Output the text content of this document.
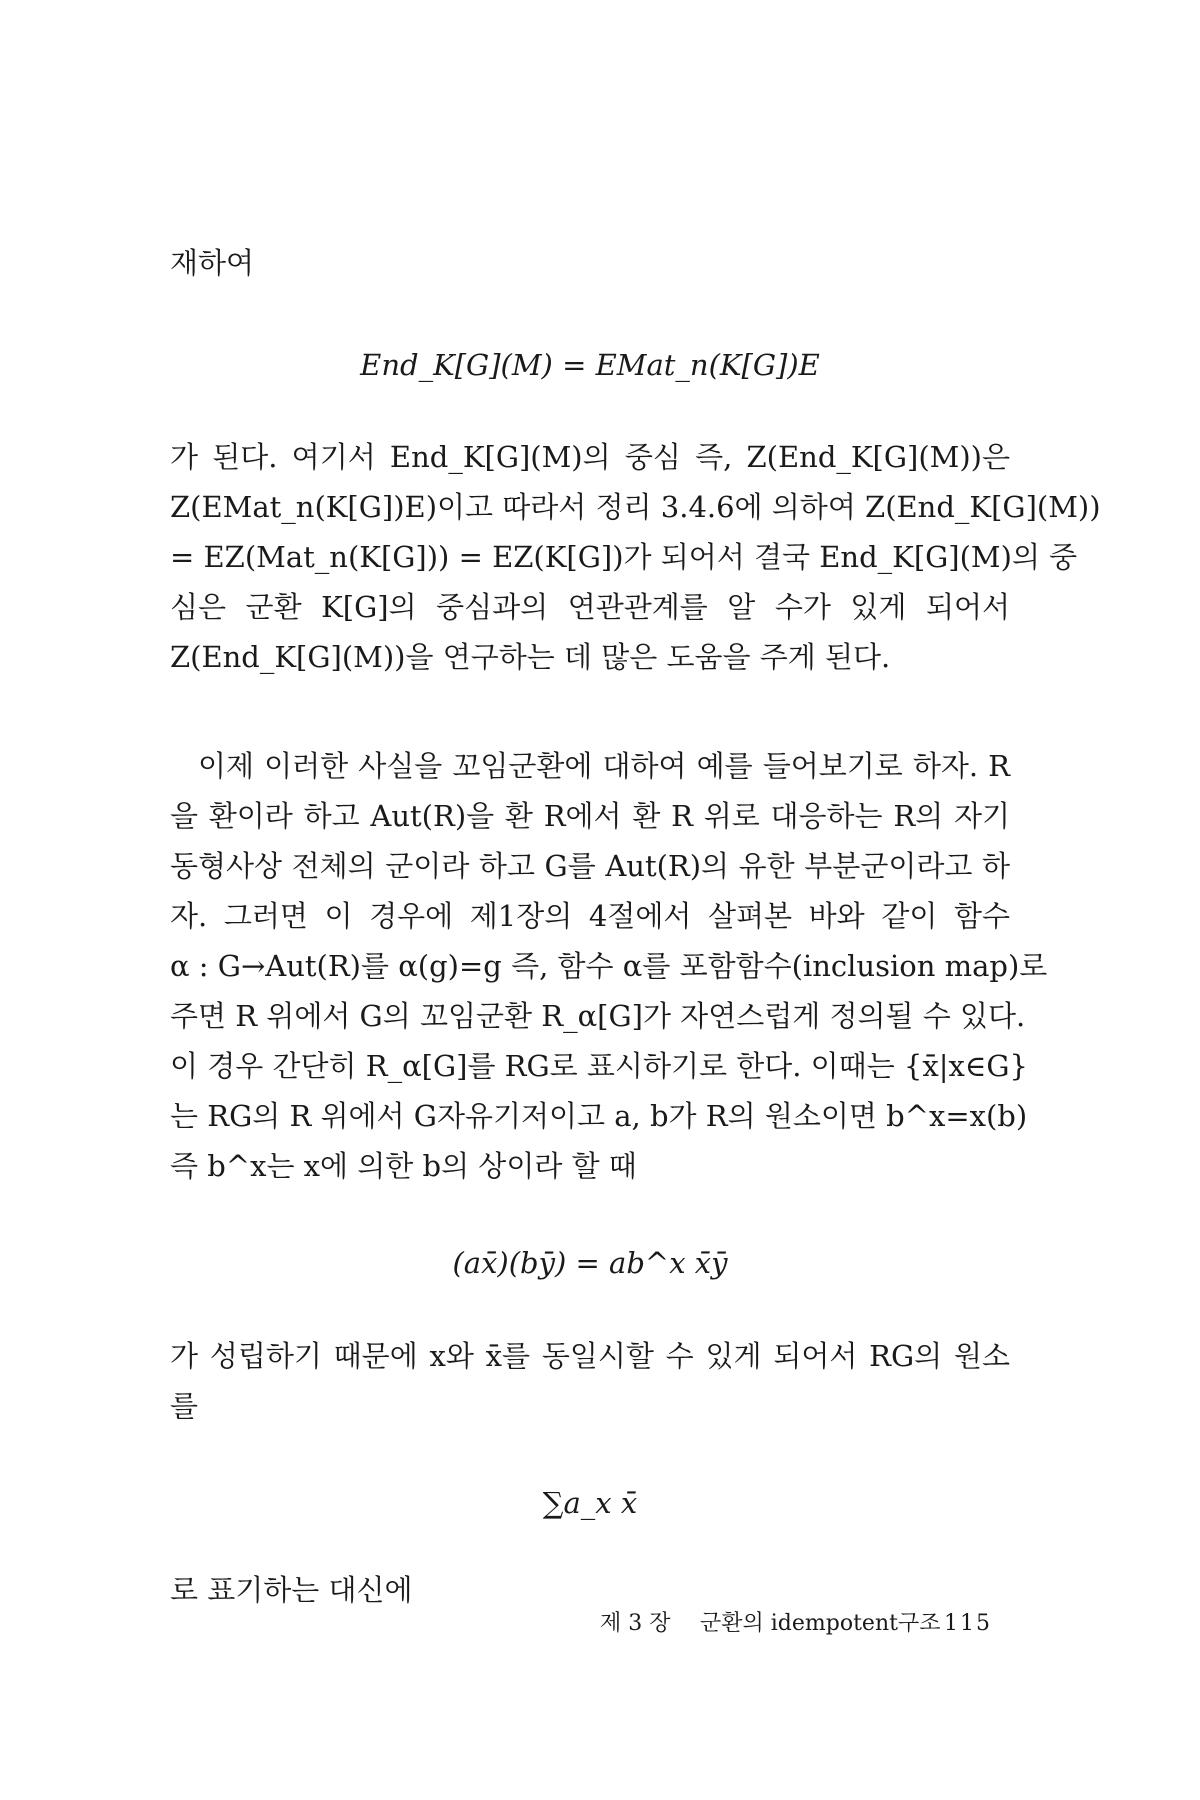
재하여
End_K[G](M) = EMat_n(K[G])E
가 된다. 여기서 End_K[G](M)의 중심 즉, Z(End_K[G](M))은
Z(EMat_n(K[G])E)이고 따라서 정리 3.4.6에 의하여 Z(End_K[G](M))
= EZ(Mat_n(K[G])) = EZ(K[G])가 되어서 결국 End_K[G](M)의 중
심은 군환 K[G]의 중심과의 연관관계를 알 수가 있게 되어서
Z(End_K[G](M))을 연구하는 데 많은 도움을 주게 된다.
이제 이러한 사실을 꼬임군환에 대하여 예를 들어보기로 하자. R
을 환이라 하고 Aut(R)을 환 R에서 환 R 위로 대응하는 R의 자기
동형사상 전체의 군이라 하고 G를 Aut(R)의 유한 부분군이라고 하
자. 그러면 이 경우에 제1장의 4절에서 살펴본 바와 같이 함수
α : G→Aut(R)를 α(g)=g 즉, 함수 α를 포함함수(inclusion map)로
주면 R 위에서 G의 꼬임군환 R_α[G]가 자연스럽게 정의될 수 있다.
이 경우 간단히 R_α[G]를 RG로 표시하기로 한다. 이때는 {x̄|x∈G}
는 RG의 R 위에서 G자유기저이고 a, b가 R의 원소이면 b^x=x(b)
즉 b^x는 x에 의한 b의 상이라 할 때
(ax̄)(bȳ) = ab^x x̄ȳ
가 성립하기 때문에 x와 x̄를 동일시할 수 있게 되어서 RG의 원소
를
∑a_x x̄
로 표기하는 대신에
제 3 장 군환의 idempotent구조 115
